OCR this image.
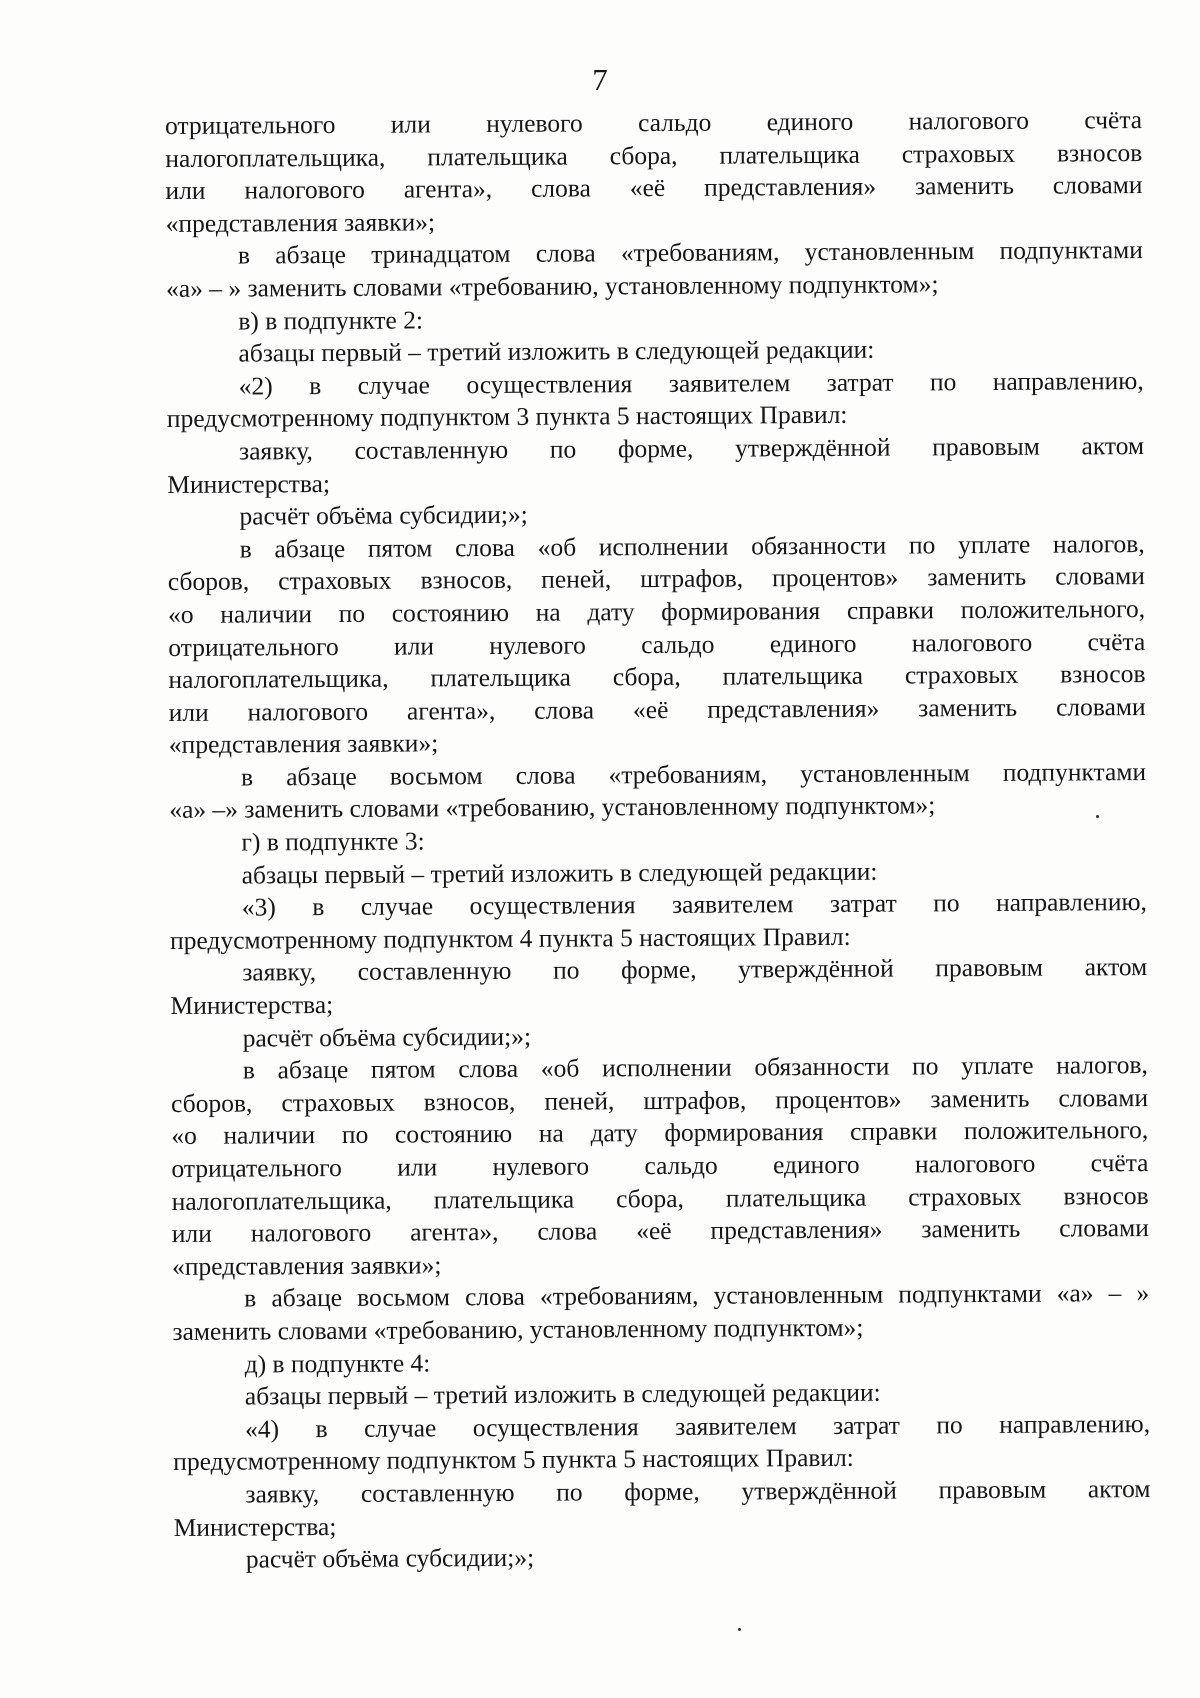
7
отрицательного или нулевого сальдо единого налогового счёта
налогоплательщика, плательщика сбора, плательщика страховых взносов
или налогового агента», слова «её представления» заменить словами
«представления заявки»;
в абзаце тринадцатом слова «требованиям, установленным подпунктами
«а» – » заменить словами «требованию, установленному подпунктом»;
в) в подпункте 2:
абзацы первый – третий изложить в следующей редакции:
«2) в случае осуществления заявителем затрат по направлению,
предусмотренному подпунктом 3 пункта 5 настоящих Правил:
заявку, составленную по форме, утверждённой правовым актом
Министерства;
расчёт объёма субсидии;»;
в абзаце пятом слова «об исполнении обязанности по уплате налогов,
сборов, страховых взносов, пеней, штрафов, процентов» заменить словами
«о наличии по состоянию на дату формирования справки положительного,
отрицательного или нулевого сальдо единого налогового счёта
налогоплательщика, плательщика сбора, плательщика страховых взносов
или налогового агента», слова «её представления» заменить словами
«представления заявки»;
в абзаце восьмом слова «требованиям, установленным подпунктами
«а» –» заменить словами «требованию, установленному подпунктом»;
г) в подпункте 3:
абзацы первый – третий изложить в следующей редакции:
«3) в случае осуществления заявителем затрат по направлению,
предусмотренному подпунктом 4 пункта 5 настоящих Правил:
заявку, составленную по форме, утверждённой правовым актом
Министерства;
расчёт объёма субсидии;»;
в абзаце пятом слова «об исполнении обязанности по уплате налогов,
сборов, страховых взносов, пеней, штрафов, процентов» заменить словами
«о наличии по состоянию на дату формирования справки положительного,
отрицательного или нулевого сальдо единого налогового счёта
налогоплательщика, плательщика сбора, плательщика страховых взносов
или налогового агента», слова «её представления» заменить словами
«представления заявки»;
в абзаце восьмом слова «требованиям, установленным подпунктами «а» – »
заменить словами «требованию, установленному подпунктом»;
д) в подпункте 4:
абзацы первый – третий изложить в следующей редакции:
«4) в случае осуществления заявителем затрат по направлению,
предусмотренному подпунктом 5 пункта 5 настоящих Правил:
заявку, составленную по форме, утверждённой правовым актом
Министерства;
расчёт объёма субсидии;»;
